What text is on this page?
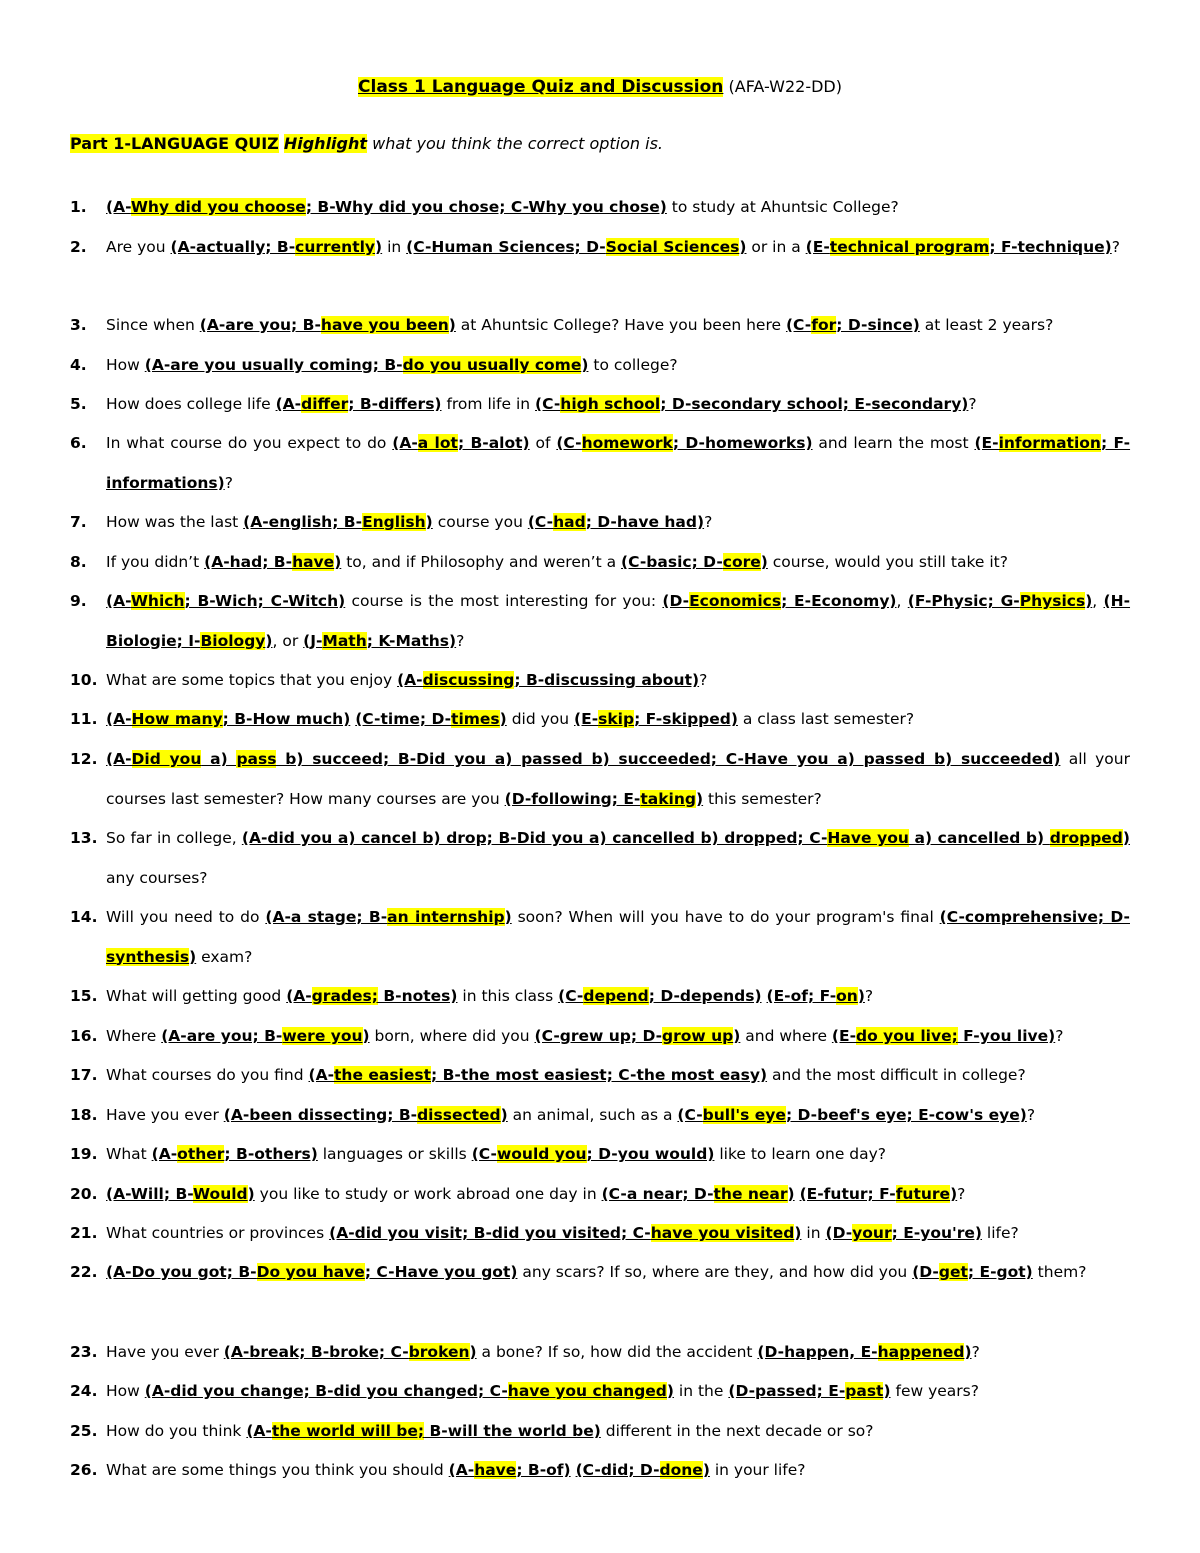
Class 1 Language Quiz and Discussion (AFA-W22-DD)
Part 1-LANGUAGE QUIZ Highlight what you think the correct option is.
1.	(A-Why did you choose; B-Why did you chose; C-Why you chose) to study at Ahuntsic College?
2.	Are you (A-actually; B-currently) in (C-Human Sciences; D-Social Sciences) or in a (E-technical program; F-technique)?
3.	Since when (A-are you; B-have you been) at Ahuntsic College? Have you been here (C-for; D-since) at least 2 years?
4.	How (A-are you usually coming; B-do you usually come) to college?
5.	How does college life (A-differ; B-differs) from life in (C-high school; D-secondary school; E-secondary)?
6.	In what course do you expect to do (A-a lot; B-alot) of (C-homework; D-homeworks) and learn the most (E-information; F-informations)?
7.	How was the last (A-english; B-English) course you (C-had; D-have had)?
8.	If you didn’t (A-had; B-have) to, and if Philosophy and weren’t a (C-basic; D-core) course, would you still take it?
9.	(A-Which; B-Wich; C-Witch) course is the most interesting for you: (D-Economics; E-Economy), (F-Physic; G-Physics), (H-Biologie; I-Biology), or (J-Math; K-Maths)?
10. What are some topics that you enjoy (A-discussing; B-discussing about)?
11. (A-How many; B-How much) (C-time; D-times) did you (E-skip; F-skipped) a class last semester?
12. (A-Did you a) pass b) succeed; B-Did you a) passed b) succeeded; C-Have you a) passed b) succeeded) all your courses last semester? How many courses are you (D-following; E-taking) this semester?
13. So far in college, (A-did you a) cancel b) drop; B-Did you a) cancelled b) dropped; C-Have you a) cancelled b) dropped) any courses?
14. Will you need to do (A-a stage; B-an internship) soon? When will you have to do your program's final (C-comprehensive; D-synthesis) exam?
15. What will getting good (A-grades; B-notes) in this class (C-depend; D-depends) (E-of; F-on)?
16. Where (A-are you; B-were you) born, where did you (C-grew up; D-grow up) and where (E-do you live; F-you live)?
17. What courses do you find (A-the easiest; B-the most easiest; C-the most easy) and the most difficult in college?
18. Have you ever (A-been dissecting; B-dissected) an animal, such as a (C-bull's eye; D-beef's eye; E-cow's eye)?
19. What (A-other; B-others) languages or skills (C-would you; D-you would) like to learn one day?
20. (A-Will; B-Would) you like to study or work abroad one day in (C-a near; D-the near) (E-futur; F-future)?
21. What countries or provinces (A-did you visit; B-did you visited; C-have you visited) in (D-your; E-you're) life?
22. (A-Do you got; B-Do you have; C-Have you got) any scars? If so, where are they, and how did you (D-get; E-got) them?
23. Have you ever (A-break; B-broke; C-broken) a bone? If so, how did the accident (D-happen, E-happened)?
24. How (A-did you change; B-did you changed; C-have you changed) in the (D-passed; E-past) few years?
25. How do you think (A-the world will be; B-will the world be) different in the next decade or so?
26. What are some things you think you should (A-have; B-of) (C-did; D-done) in your life?
